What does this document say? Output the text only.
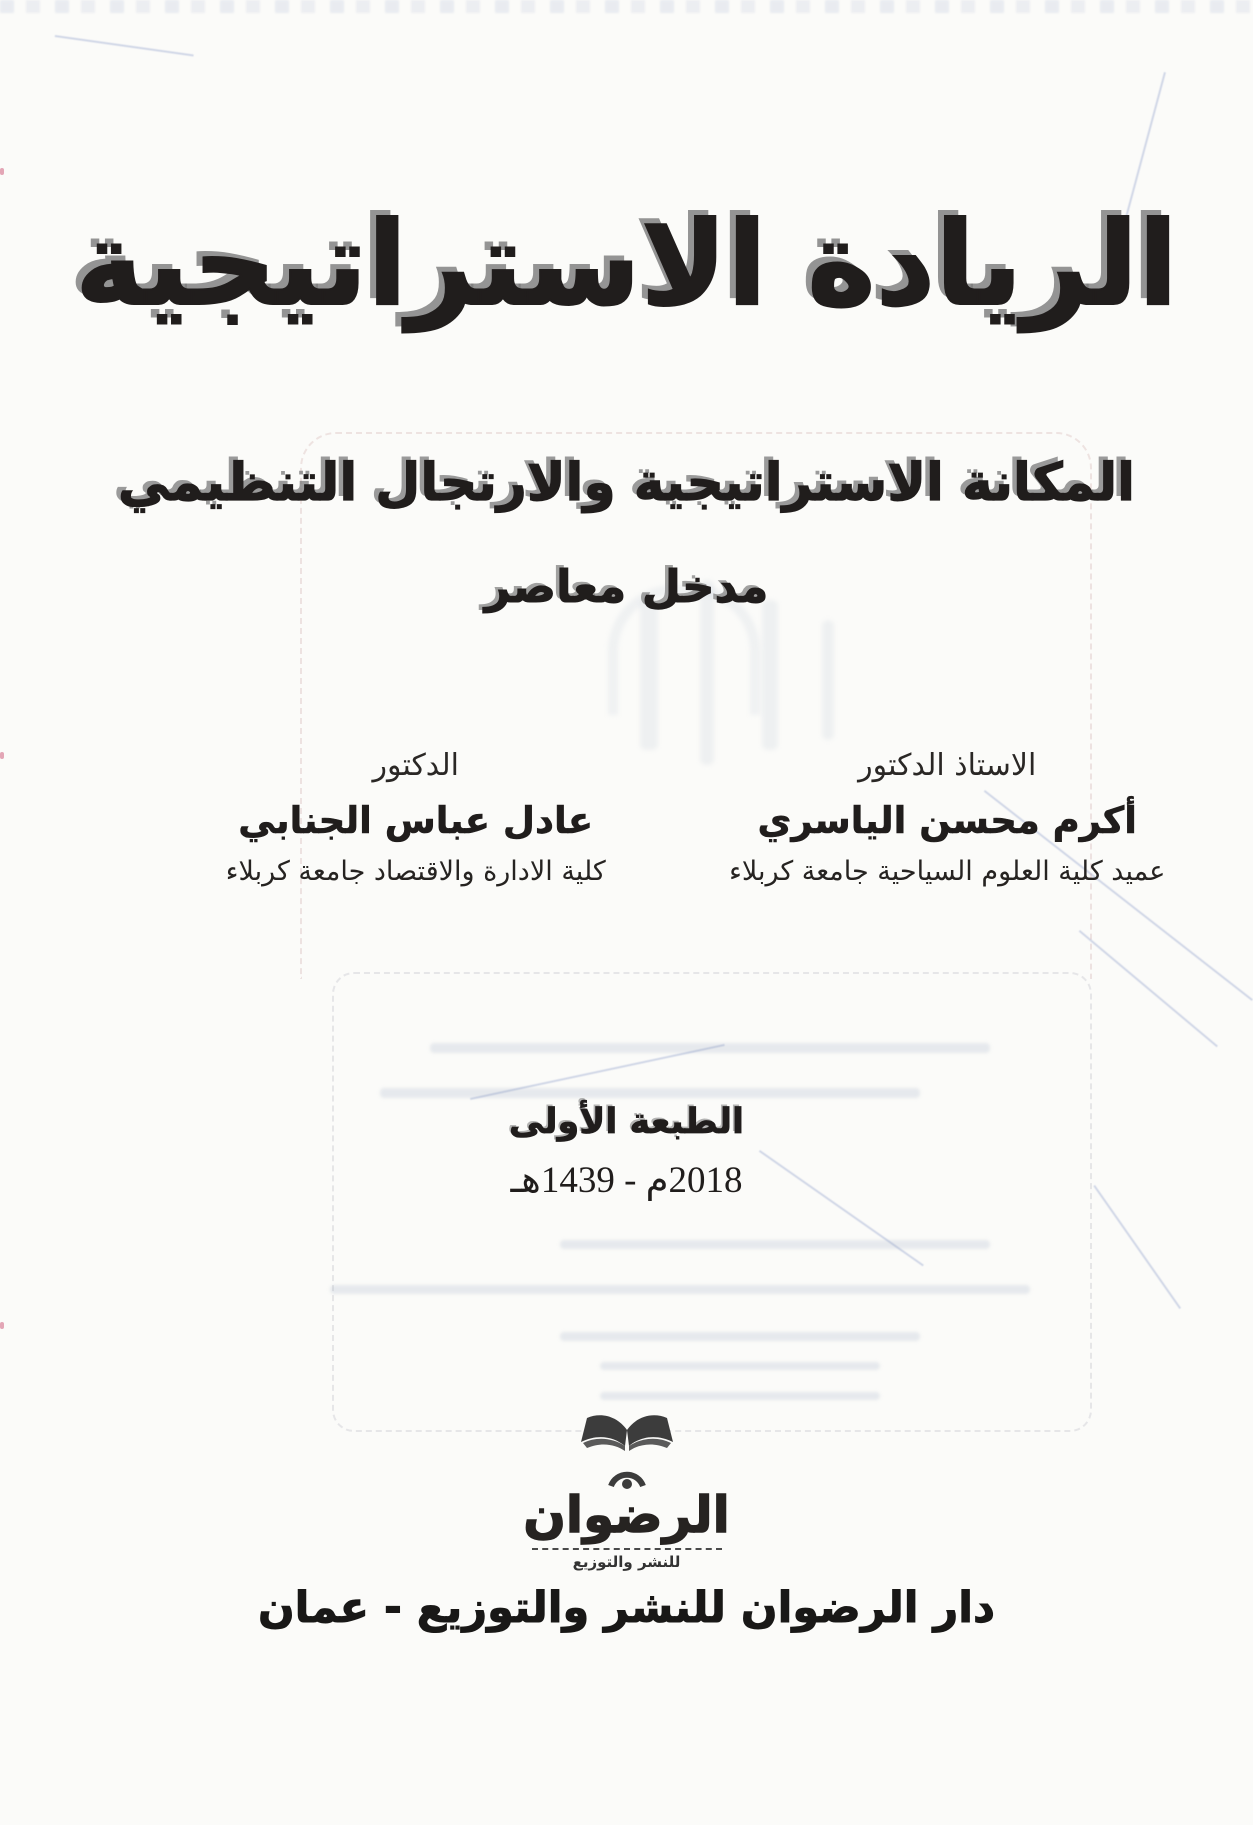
الريادة الاستراتيجية
المكانة الاستراتيجية والارتجال التنظيمي
مدخل معاصر
الاستاذ الدكتور
أكرم محسن الياسري
عميد كلية العلوم السياحية جامعة كربلاء
الدكتور
عادل عباس الجنابي
كلية الادارة والاقتصاد جامعة كربلاء
الطبعة الأولى
2018م - 1439هـ
الرضوان
للنشر والتوزيع
دار الرضوان للنشر والتوزيع - عمان
